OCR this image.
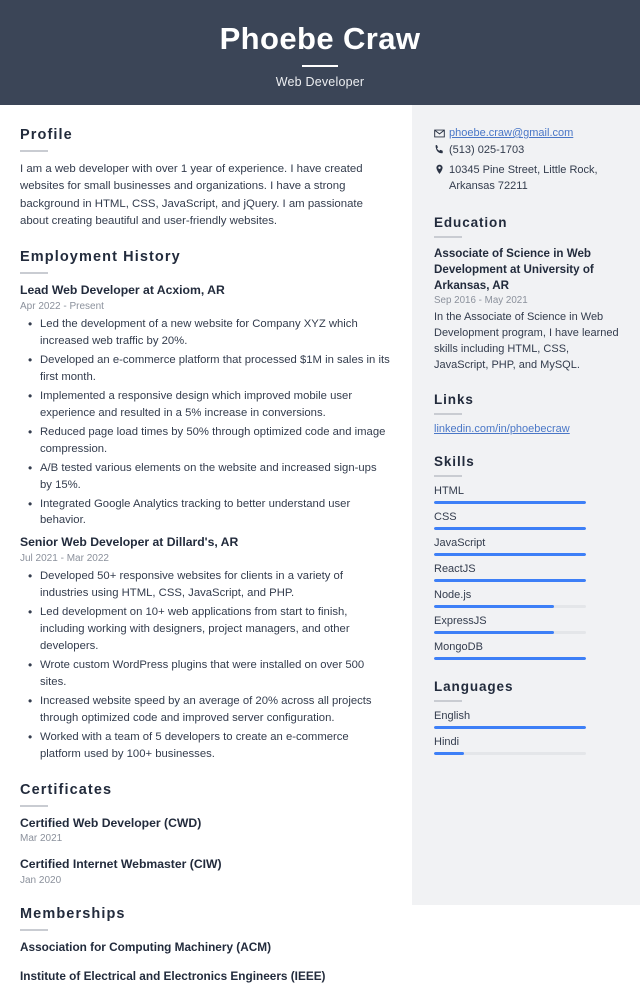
Phoebe Craw
Web Developer
Profile

I am a web developer with over 1 year of experience. I have created websites for small businesses and organizations. I have a strong background in HTML, CSS, JavaScript, and jQuery. I am passionate about creating beautiful and user-friendly websites.

Employment History
Lead Web Developer at Acxiom, AR
Apr 2022 - Present
• Led the development of a new website for Company XYZ which increased web traffic by 20%.
• Developed an e-commerce platform that processed $1M in sales in its first month.
• Implemented a responsive design which improved mobile user experience and resulted in a 5% increase in conversions.
• Reduced page load times by 50% through optimized code and image compression.
• A/B tested various elements on the website and increased sign-ups by 15%.
• Integrated Google Analytics tracking to better understand user behavior.
Senior Web Developer at Dillard's, AR
Jul 2021 - Mar 2022
• Developed 50+ responsive websites for clients in a variety of industries using HTML, CSS, JavaScript, and PHP.
• Led development on 10+ web applications from start to finish, including working with designers, project managers, and other developers.
• Wrote custom WordPress plugins that were installed on over 500 sites.
• Increased website speed by an average of 20% across all projects through optimized code and improved server configuration.
• Worked with a team of 5 developers to create an e-commerce platform used by 100+ businesses.
Certificates
Certified Web Developer (CWD)
Mar 2021
Certified Internet Webmaster (CIW)
Jan 2020
Memberships
Association for Computing Machinery (ACM)
Institute of Electrical and Electronics Engineers (IEEE)
phoebe.craw@gmail.com
(513) 025-1703
10345 Pine Street, Little Rock, Arkansas 72211
Education
Associate of Science in Web Development at University of Arkansas, AR
Sep 2016 - May 2021

In the Associate of Science in Web Development program, I have learned skills including HTML, CSS, JavaScript, PHP, and MySQL.

Links
linkedin.com/in/phoebecraw
Skills
HTML
CSS
JavaScript
ReactJS
Node.js
ExpressJS
MongoDB
Languages
English
Hindi
